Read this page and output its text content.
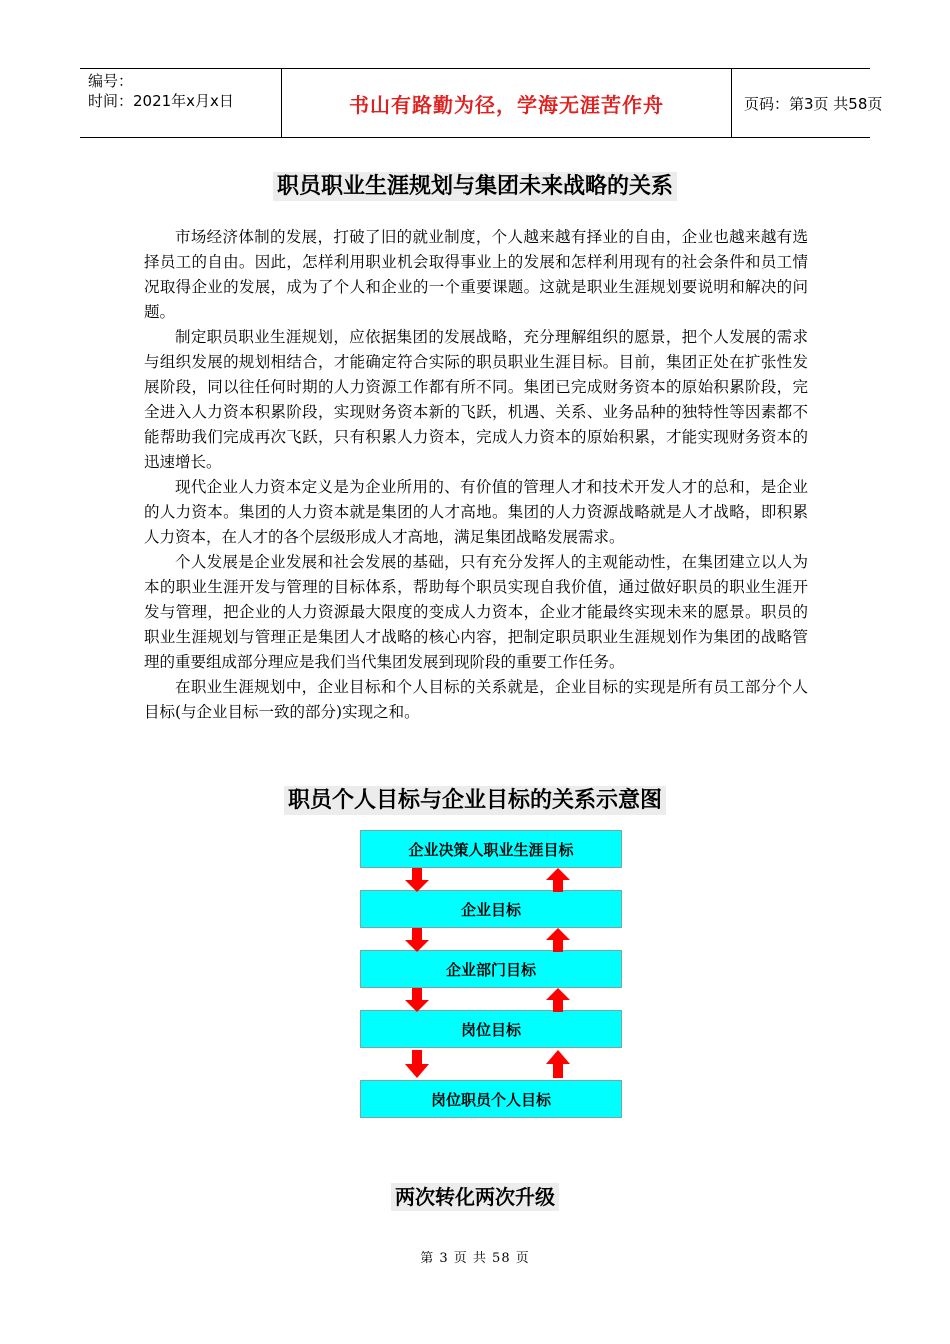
编号：
时间：2021年x月x日	书山有路勤为径，学海无涯苦作舟	页码：第3页 共58页
职员职业生涯规划与集团未来战略的关系

市场经济体制的发展，打破了旧的就业制度，个人越来越有择业的自由，企业也越来越有选择员工的自由。因此，怎样利用职业机会取得事业上的发展和怎样利用现有的社会条件和员工情况取得企业的发展，成为了个人和企业的一个重要课题。这就是职业生涯规划要说明和解决的问题。

制定职员职业生涯规划，应依据集团的发展战略，充分理解组织的愿景，把个人发展的需求与组织发展的规划相结合，才能确定符合实际的职员职业生涯目标。目前，集团正处在扩张性发展阶段，同以往任何时期的人力资源工作都有所不同。集团已完成财务资本的原始积累阶段，完全进入人力资本积累阶段，实现财务资本新的飞跃，机遇、关系、业务品种的独特性等因素都不能帮助我们完成再次飞跃，只有积累人力资本，完成人力资本的原始积累，才能实现财务资本的迅速增长。

现代企业人力资本定义是为企业所用的、有价值的管理人才和技术开发人才的总和，是企业的人力资本。集团的人力资本就是集团的人才高地。集团的人力资源战略就是人才战略，即积累人力资本，在人才的各个层级形成人才高地，满足集团战略发展需求。

个人发展是企业发展和社会发展的基础，只有充分发挥人的主观能动性，在集团建立以人为本的职业生涯开发与管理的目标体系，帮助每个职员实现自我价值，通过做好职员的职业生涯开发与管理，把企业的人力资源最大限度的变成人力资本，企业才能最终实现未来的愿景。职员的职业生涯规划与管理正是集团人才战略的核心内容，把制定职员职业生涯规划作为集团的战略管理的重要组成部分理应是我们当代集团发展到现阶段的重要工作任务。

在职业生涯规划中，企业目标和个人目标的关系就是，企业目标的实现是所有员工部分个人目标(与企业目标一致的部分)实现之和。

职员个人目标与企业目标的关系示意图
企业决策人职业生涯目标
企业目标
企业部门目标
岗位目标
岗位职员个人目标
两次转化两次升级
第 3 页 共 58 页
